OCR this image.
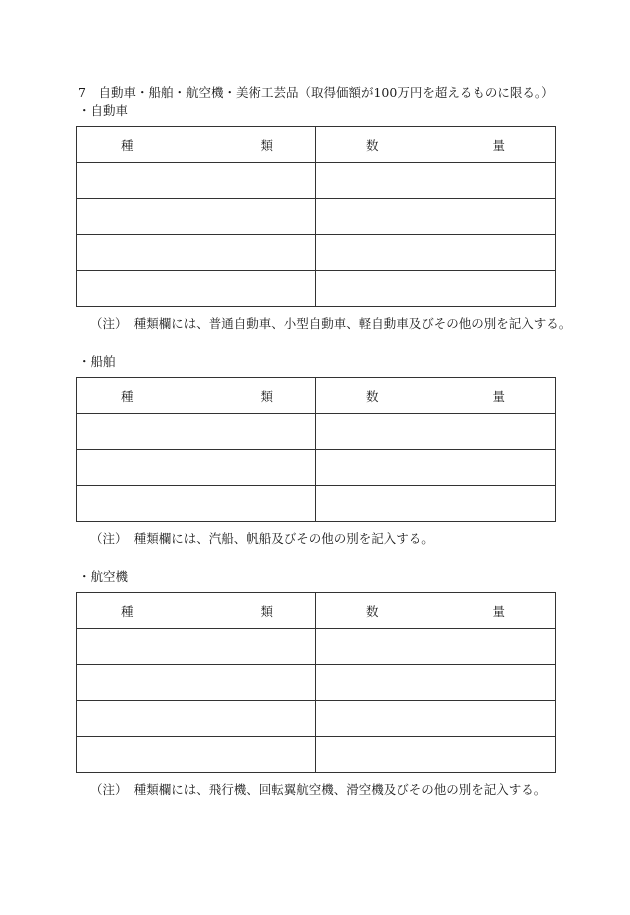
7　自動車・船舶・航空機・美術工芸品（取得価額が100万円を超えるものに限る。）
・自動車
種 類	数 量

（注）　種類欄には、普通自動車、小型自動車、軽自動車及びその他の別を記入する。
・船舶
種 類	数 量

（注）　種類欄には、汽船、帆船及びその他の別を記入する。
・航空機
種 類	数 量

（注）　種類欄には、飛行機、回転翼航空機、滑空機及びその他の別を記入する。
